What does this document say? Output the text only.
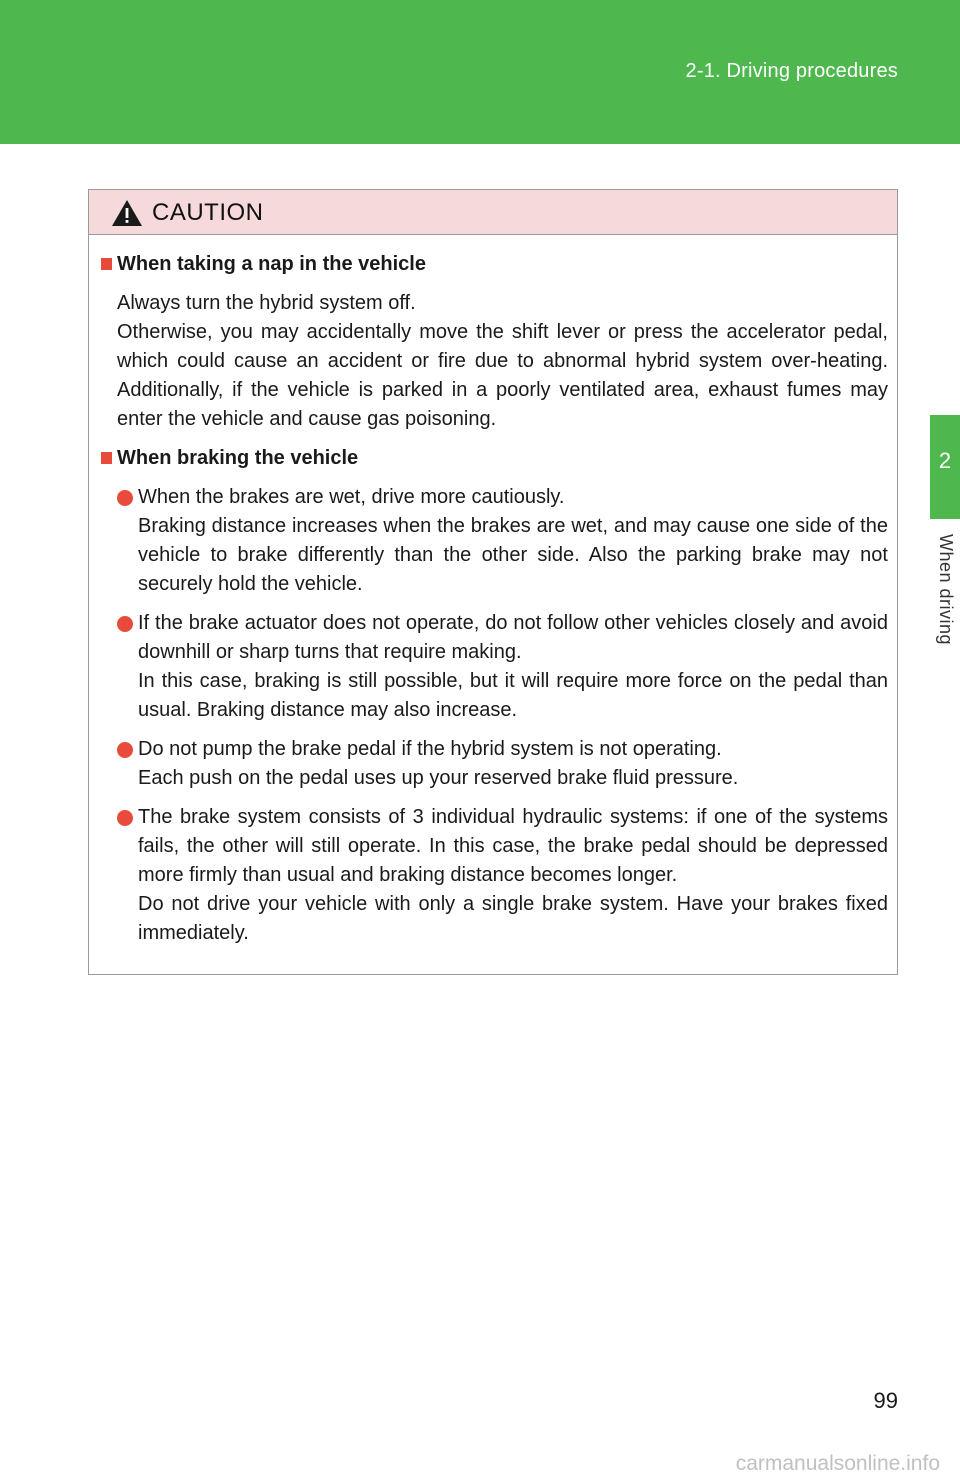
2-1. Driving procedures
2
When driving
CAUTION
When taking a nap in the vehicle

Always turn the hybrid system off.

Otherwise, you may accidentally move the shift lever or press the accelerator pedal, which could cause an accident or fire due to abnormal hybrid system over-heating. Additionally, if the vehicle is parked in a poorly ventilated area, exhaust fumes may enter the vehicle and cause gas poisoning.

When braking the vehicle

When the brakes are wet, drive more cautiously.

Braking distance increases when the brakes are wet, and may cause one side of the vehicle to brake differently than the other side. Also the parking brake may not securely hold the vehicle.

If the brake actuator does not operate, do not follow other vehicles closely and avoid downhill or sharp turns that require making.

In this case, braking is still possible, but it will require more force on the pedal than usual. Braking distance may also increase.

Do not pump the brake pedal if the hybrid system is not operating.

Each push on the pedal uses up your reserved brake fluid pressure.

The brake system consists of 3 individual hydraulic systems: if one of the systems fails, the other will still operate. In this case, the brake pedal should be depressed more firmly than usual and braking distance becomes longer.

Do not drive your vehicle with only a single brake system. Have your brakes fixed immediately.

99
carmanualsonline.info
